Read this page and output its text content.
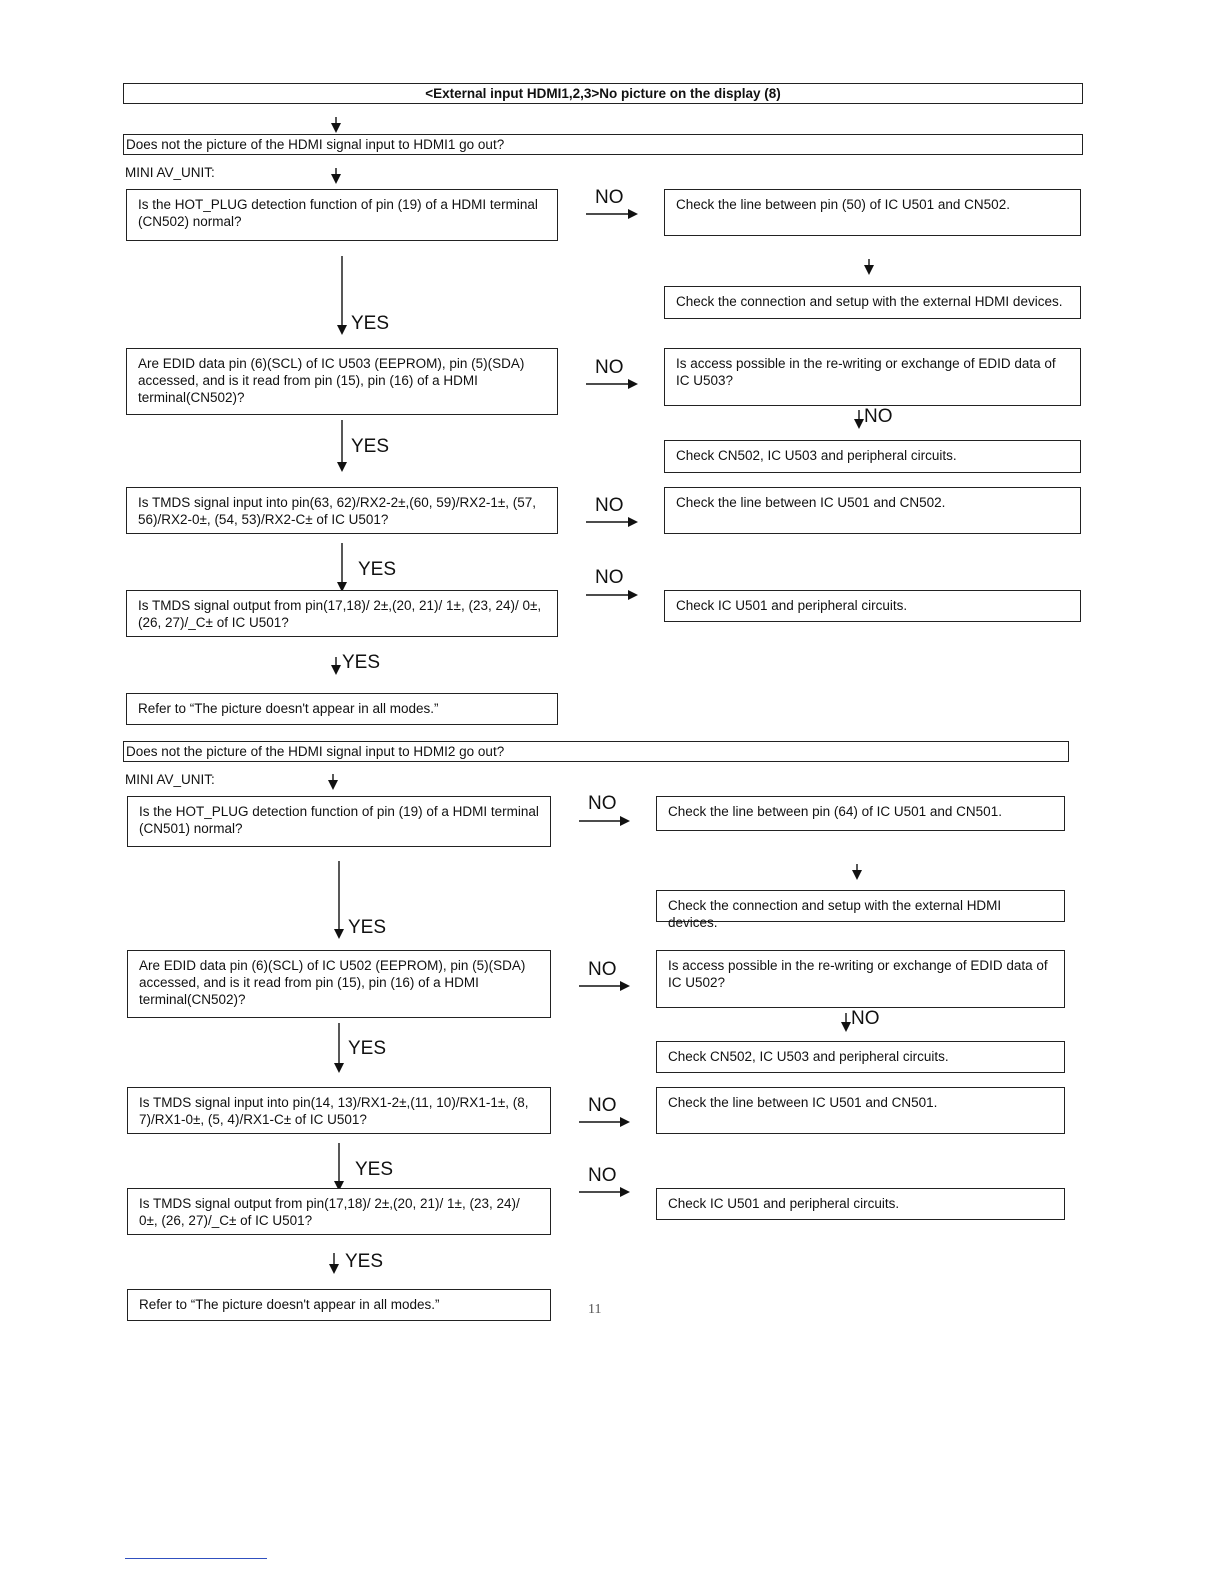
<External input HDMI1,2,3>No picture on the display (8)
Does not the picture of the HDMI signal input to HDMI1 go out?
MINI AV_UNIT:
Is the HOT_PLUG detection function of pin (19) of a HDMI terminal (CN502) normal?
NO	Check the line between pin (50) of IC U501 and CN502.
Check the connection and setup with the external HDMI devices.
YES
Are EDID data pin (6)(SCL) of IC U503 (EEPROM), pin (5)(SDA) accessed, and is it read from pin (15), pin (16) of a HDMI terminal(CN502)?
NO	Is access possible in the re-writing or exchange of EDID data of IC U503?
NO
Check CN502, IC U503 and peripheral circuits.
YES
Is TMDS signal input into pin(63, 62)/RX2-2±,(60, 59)/RX2-1±, (57, 56)/RX2-0±, (54, 53)/RX2-C± of IC U501?
NO	Check the line between IC U501 and CN502.
YES	NO
Is TMDS signal output from pin(17,18)/ 2±,(20, 21)/ 1±, (23, 24)/ 0±, (26, 27)/_C± of IC U501?
Check IC U501 and peripheral circuits.
YES
Refer to “The picture doesn't appear in all modes.”
Does not the picture of the HDMI signal input to HDMI2 go out?
MINI AV_UNIT:
Is the HOT_PLUG detection function of pin (19) of a HDMI terminal (CN501) normal?
NO	Check the line between pin (64) of IC U501 and CN501.
Check the connection and setup with the external HDMI devices.
YES
Are EDID data pin (6)(SCL) of IC U502 (EEPROM), pin (5)(SDA) accessed, and is it read from pin (15), pin (16) of a HDMI terminal(CN502)?
NO	Is access possible in the re-writing or exchange of EDID data of IC U502?
NO
Check CN502, IC U503 and peripheral circuits.
YES
Is TMDS signal input into pin(14, 13)/RX1-2±,(11, 10)/RX1-1±, (8, 7)/RX1-0±, (5, 4)/RX1-C± of IC U501?
NO	Check the line between IC U501 and CN501.
YES	NO
Is TMDS signal output from pin(17,18)/ 2±,(20, 21)/ 1±, (23, 24)/ 0±, (26, 27)/_C± of IC U501?
Check IC U501 and peripheral circuits.
YES
Refer to “The picture doesn't appear in all modes.”	11
